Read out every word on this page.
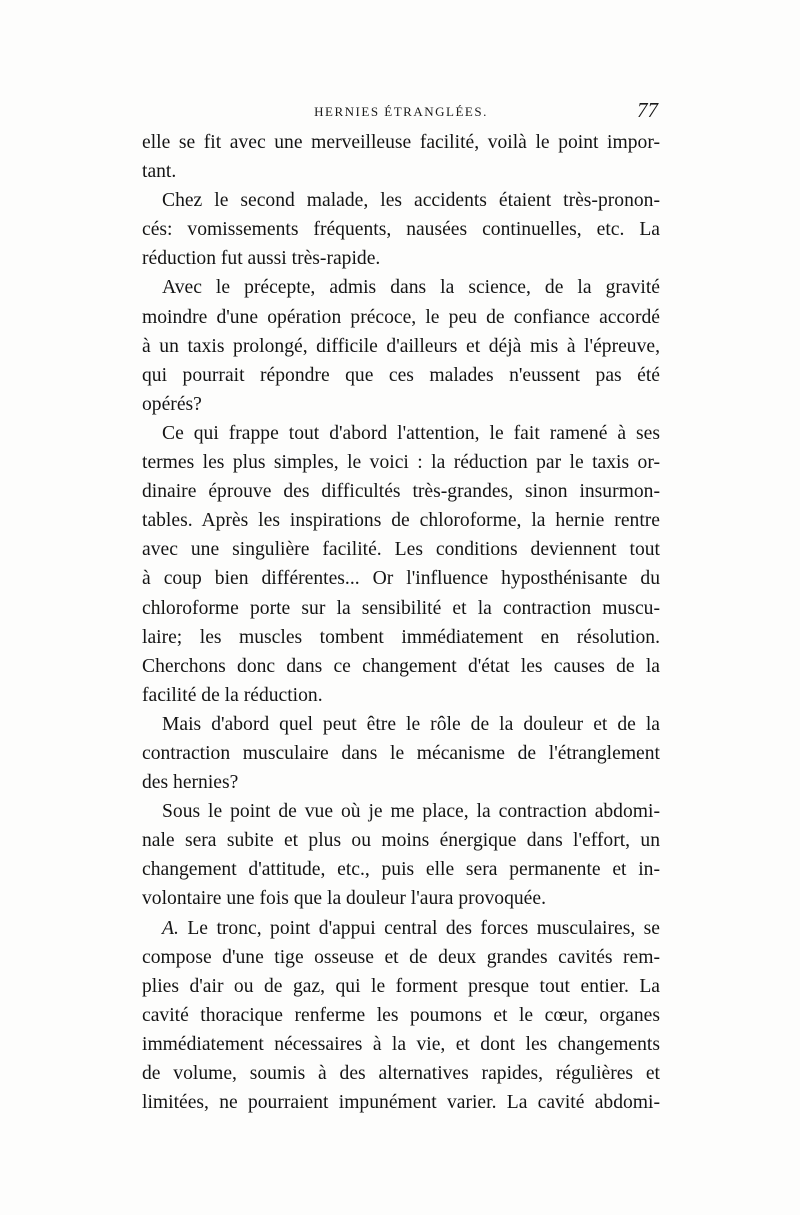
HERNIES ÉTRANGLÉES.	77
elle se fit avec une merveilleuse facilité, voilà le point impor-
tant.
Chez le second malade, les accidents étaient très-pronon-
cés: vomissements fréquents, nausées continuelles, etc. La
réduction fut aussi très-rapide.
Avec le précepte, admis dans la science, de la gravité
moindre d'une opération précoce, le peu de confiance accordé
à un taxis prolongé, difficile d'ailleurs et déjà mis à l'épreuve,
qui pourrait répondre que ces malades n'eussent pas été
opérés?
Ce qui frappe tout d'abord l'attention, le fait ramené à ses
termes les plus simples, le voici : la réduction par le taxis or-
dinaire éprouve des difficultés très-grandes, sinon insurmon-
tables. Après les inspirations de chloroforme, la hernie rentre
avec une singulière facilité. Les conditions deviennent tout
à coup bien différentes... Or l'influence hyposthénisante du
chloroforme porte sur la sensibilité et la contraction muscu-
laire; les muscles tombent immédiatement en résolution.
Cherchons donc dans ce changement d'état les causes de la
facilité de la réduction.
Mais d'abord quel peut être le rôle de la douleur et de la
contraction musculaire dans le mécanisme de l'étranglement
des hernies?
Sous le point de vue où je me place, la contraction abdomi-
nale sera subite et plus ou moins énergique dans l'effort, un
changement d'attitude, etc., puis elle sera permanente et in-
volontaire une fois que la douleur l'aura provoquée.
A. Le tronc, point d'appui central des forces musculaires, se
compose d'une tige osseuse et de deux grandes cavités rem-
plies d'air ou de gaz, qui le forment presque tout entier. La
cavité thoracique renferme les poumons et le cœur, organes
immédiatement nécessaires à la vie, et dont les changements
de volume, soumis à des alternatives rapides, régulières et
limitées, ne pourraient impunément varier. La cavité abdomi-
